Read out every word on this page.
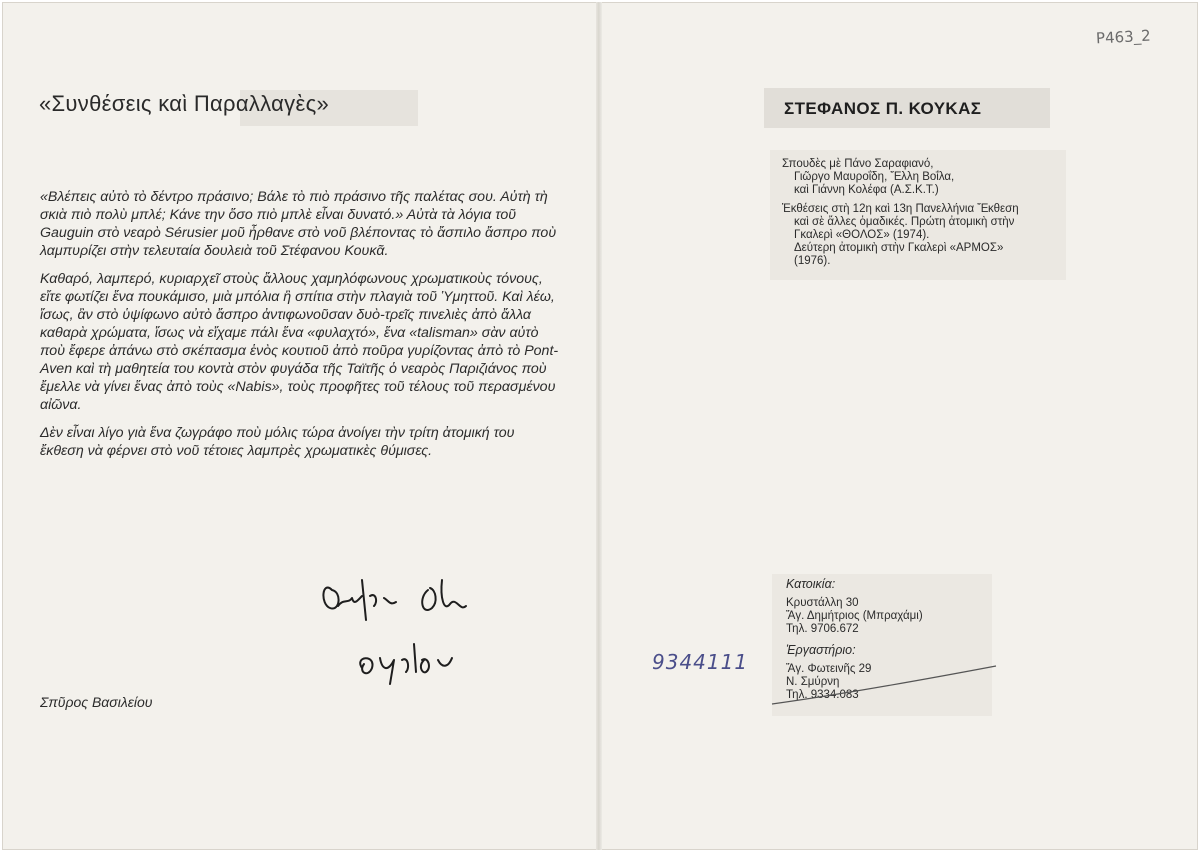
«Συνθέσεις καὶ Παραλλαγὲς»

«Βλέπεις αὐτὸ τὸ δέντρο πράσινο; Βάλε τὸ πιὸ πράσινο τῆς παλέτας σου. Αὐτὴ τὴ σκιὰ πιὸ πολὺ μπλέ; Κάνε την ὅσο πιὸ μπλὲ εἶναι δυνατό.» Αὐτὰ τὰ λόγια τοῦ Gauguin στὸ νεαρὸ Sérusier μοῦ ἦρθανε στὸ νοῦ βλέποντας τὸ ἄσπιλο ἄσπρο ποὺ λαμπυρίζει στὴν τελευταία δουλειὰ τοῦ Στέφανου Κουκᾶ.

Καθαρό, λαμπερό, κυριαρχεῖ στοὺς ἄλλους χαμηλόφωνους χρωματικοὺς τόνους, εἴτε φωτίζει ἕνα πουκάμισο, μιὰ μπόλια ἢ σπίτια στὴν πλαγιὰ τοῦ Ὑμηττοῦ. Καὶ λέω, ἴσως, ἂν στὸ ὑψίφωνο αὐτὸ ἄσπρο ἀντιφωνοῦσαν δυὸ-τρεῖς πινελιὲς ἀπὸ ἄλλα καθαρὰ χρώματα, ἴσως νὰ εἴχαμε πάλι ἕνα «φυλαχτό», ἕνα «talisman» σὰν αὐτὸ ποὺ ἔφερε ἀπάνω στὸ σκέπασμα ἑνὸς κουτιοῦ ἀπὸ ποῦρα γυρίζοντας ἀπὸ τὸ Pont-Aven καὶ τὴ μαθητεία του κοντὰ στὸν φυγάδα τῆς Ταϊτῆς ὁ νεαρὸς Παριζιάνος ποὺ ἔμελλε νὰ γίνει ἕνας ἀπὸ τοὺς «Nabis», τοὺς προφῆτες τοῦ τέλους τοῦ περασμένου αἰῶνα.

Δὲν εἶναι λίγο γιὰ ἕνα ζωγράφο ποὺ μόλις τώρα ἀνοίγει τὴν τρίτη ἀτομική του ἔκθεση νὰ φέρνει στὸ νοῦ τέτοιες λαμπρὲς χρωματικὲς θύμισες.

Στούλ. Ωα σγέον
Σπῦρος Βασιλείου
Ρ463_2
ΣΤΕΦΑΝΟΣ Π. ΚΟΥΚΑΣ

Σπουδὲς μὲ Πάνο Σαραφιανό,
Γιῶργο Μαυροΐδη, Ἔλλη Βοΐλα,
καὶ Γιάννη Κολέφα (Α.Σ.Κ.Τ.)

Ἐκθέσεις στὴ 12η καὶ 13η Πανελλήνια Ἔκθεση
καὶ σὲ ἄλλες ὁμαδικές. Πρώτη ἀτομικὴ στὴν
Γκαλερὶ «ΘΟΛΟΣ» (1974).
Δεύτερη ἀτομικὴ στὴν Γκαλερὶ «ΑΡΜΟΣ»
(1976).

9344111
Κατοικία:

Κρυστάλλη 30

Ἄγ. Δημήτριος (Μπραχάμι)

Τηλ. 9706.672

Ἐργαστήριο:

Ἄγ. Φωτεινῆς 29

Ν. Σμύρνη

Τηλ. 9334.083
